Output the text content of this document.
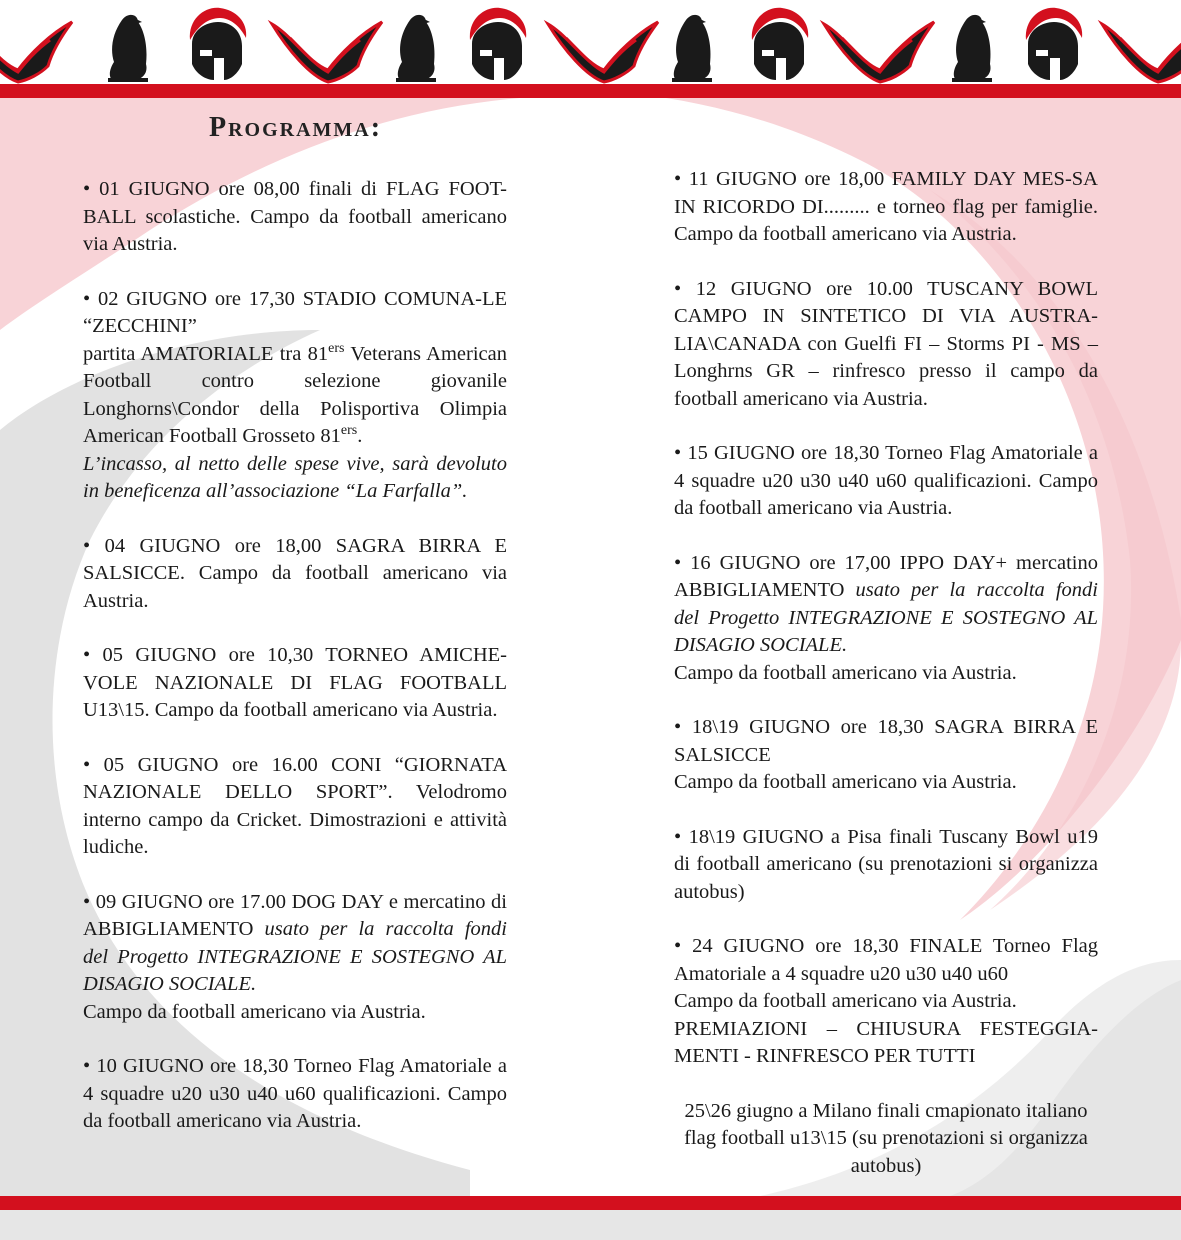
Programma:

• 01 GIUGNO ore 08,00 finali di FLAG FOOT-BALL scolastiche. Campo da football americano via Austria.

• 02 GIUGNO ore 17,30 STADIO COMUNA-LE “ZECCHINI”

partita AMATORIALE tra 81ers Veterans American Football contro selezione giovanile Longhorns\Condor della Polisportiva Olimpia American Football Grosseto 81ers.

L’incasso, al netto delle spese vive, sarà devoluto in beneficenza all’associazione “La Farfalla”.

• 04 GIUGNO ore 18,00 SAGRA BIRRA E SALSICCE. Campo da football americano via Austria.

• 05 GIUGNO ore 10,30 TORNEO AMICHE-VOLE NAZIONALE DI FLAG FOOTBALL U13\15. Campo da football americano via Austria.

• 05 GIUGNO ore 16.00 CONI “GIORNATA NAZIONALE DELLO SPORT”. Velodromo interno campo da Cricket. Dimostrazioni e attività ludiche.

• 09 GIUGNO ore 17.00 DOG DAY e mercatino di ABBIGLIAMENTO usato per la raccolta fondi del Progetto INTEGRAZIONE E SOSTEGNO AL DISAGIO SOCIALE.

Campo da football americano via Austria.

• 10 GIUGNO ore 18,30 Torneo Flag Amatoriale a 4 squadre u20 u30 u40 u60 qualificazioni. Campo da football americano via Austria.

• 11 GIUGNO ore 18,00 FAMILY DAY MES-SA IN RICORDO DI......... e torneo flag per famiglie. Campo da football americano via Austria.

• 12 GIUGNO ore 10.00 TUSCANY BOWL CAMPO IN SINTETICO DI VIA AUSTRA-LIA\CANADA con Guelfi FI – Storms PI - MS – Longhrns GR – rinfresco presso il campo da football americano via Austria.

• 15 GIUGNO ore 18,30 Torneo Flag Amatoriale a 4 squadre u20 u30 u40 u60 qualificazioni. Campo da football americano via Austria.

• 16 GIUGNO ore 17,00 IPPO DAY+ mercatino ABBIGLIAMENTO usato per la raccolta fondi del Progetto INTEGRAZIONE E SOSTEGNO AL DISAGIO SOCIALE.

Campo da football americano via Austria.

• 18\19 GIUGNO ore 18,30 SAGRA BIRRA E SALSICCE

Campo da football americano via Austria.

• 18\19 GIUGNO a Pisa finali Tuscany Bowl u19 di football americano (su prenotazioni si organizza autobus)

• 24 GIUGNO ore 18,30 FINALE Torneo Flag Amatoriale a 4 squadre u20 u30 u40 u60

Campo da football americano via Austria.

PREMIAZIONI – CHIUSURA FESTEGGIA-MENTI - RINFRESCO PER TUTTI

25\26 giugno a Milano finali cmapionato italiano flag football u13\15 (su prenotazioni si organizza autobus)
